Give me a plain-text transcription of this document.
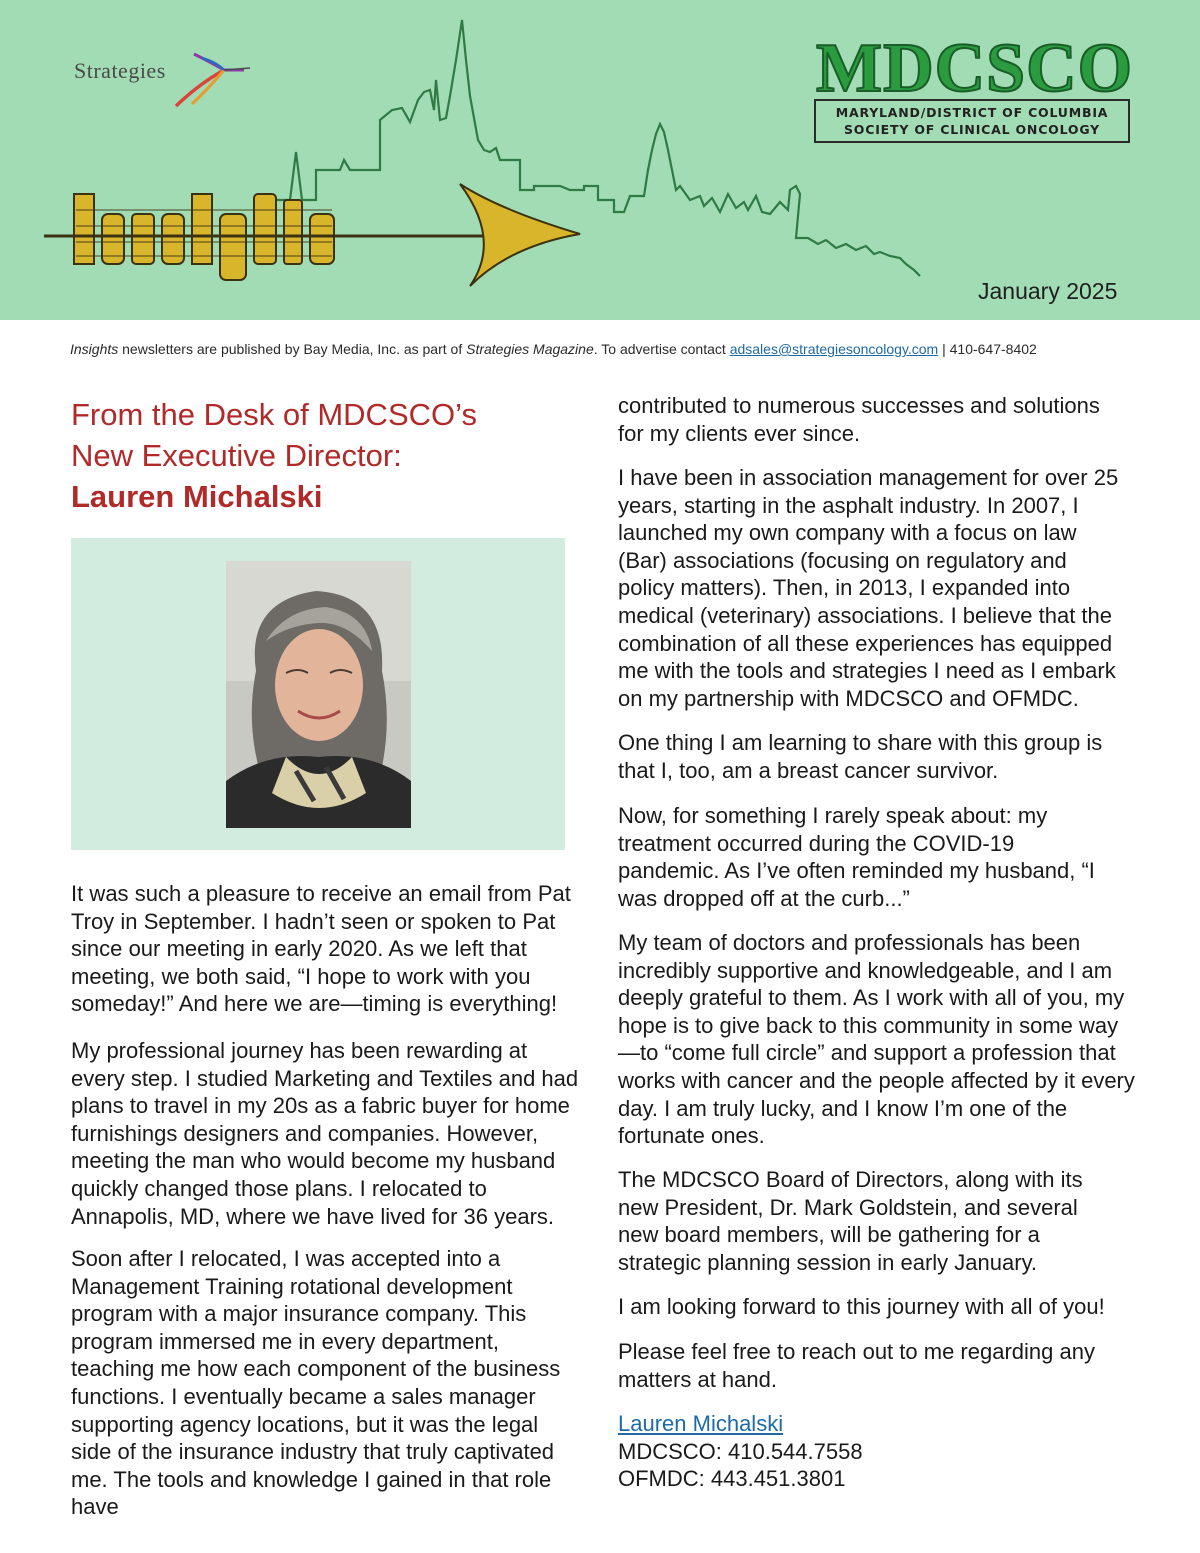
Strategies	MDCSCO
MARYLAND/DISTRICT OF COLUMBIA
SOCIETY OF CLINICAL ONCOLOGY
January 2025
Insights newsletters are published by Bay Media, Inc. as part of Strategies Magazine. To advertise contact adsales@strategiesoncology.com | 410-647-8402
From the Desk of MDCSCO’s
New Executive Director:
Lauren Michalski

It was such a pleasure to receive an email from Pat Troy in September. I hadn’t seen or spoken to Pat since our meeting in early 2020. As we left that meeting, we both said, “I hope to work with you someday!” And here we are—timing is everything!

My professional journey has been rewarding at every step. I studied Marketing and Textiles and had plans to travel in my 20s as a fabric buyer for home furnishings designers and companies. However, meeting the man who would become my husband quickly changed those plans. I relocated to Annapolis, MD, where we have lived for 36 years.

Soon after I relocated, I was accepted into a Management Training rotational development program with a major insurance company. This program immersed me in every department, teaching me how each component of the business functions. I eventually became a sales manager supporting agency locations, but it was the legal side of the insurance industry that truly captivated me. The tools and knowledge I gained in that role have

contributed to numerous successes and solutions for my clients ever since.

I have been in association management for over 25 years, starting in the asphalt industry. In 2007, I launched my own company with a focus on law (Bar) associations (focusing on regulatory and policy matters). Then, in 2013, I expanded into medical (veterinary) associations. I believe that the combination of all these experiences has equipped me with the tools and strategies I need as I embark on my partnership with MDCSCO and OFMDC.

One thing I am learning to share with this group is that I, too, am a breast cancer survivor.

Now, for something I rarely speak about: my treatment occurred during the COVID-19 pandemic. As I’ve often reminded my husband, “I was dropped off at the curb...”

My team of doctors and professionals has been incredibly supportive and knowledgeable, and I am deeply grateful to them. As I work with all of you, my hope is to give back to this community in some way—to “come full circle” and support a profession that works with cancer and the people affected by it every day. I am truly lucky, and I know I’m one of the fortunate ones.

The MDCSCO Board of Directors, along with its new President, Dr. Mark Goldstein, and several new board members, will be gathering for a strategic planning session in early January.

I am looking forward to this journey with all of you!

Please feel free to reach out to me regarding any matters at hand.

Lauren Michalski
MDCSCO: 410.544.7558
OFMDC: 443.451.3801
